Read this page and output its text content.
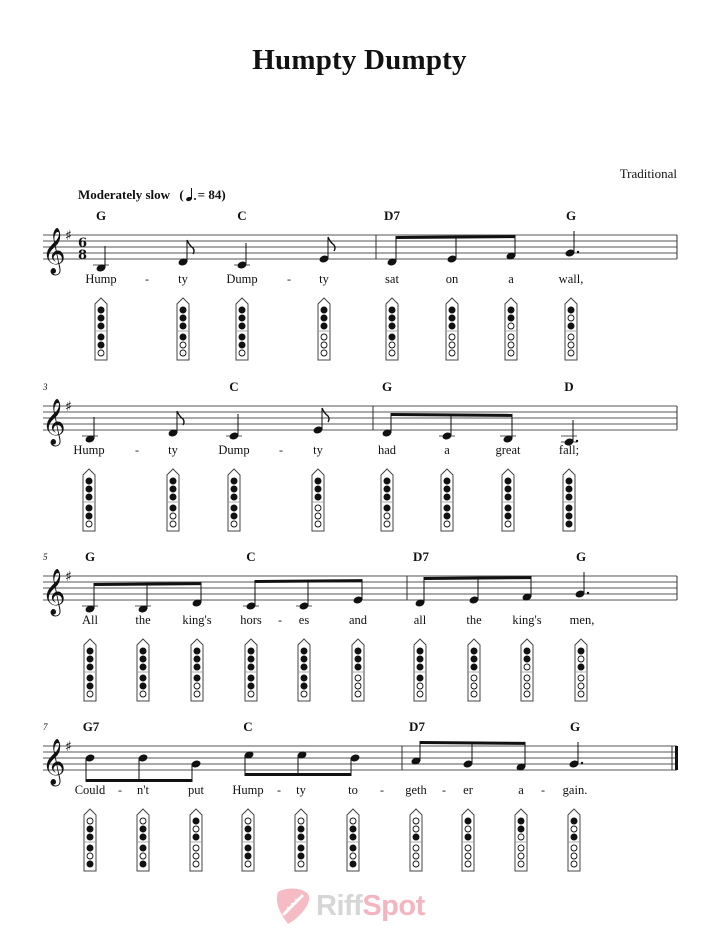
Humpty Dumpty
Traditional
Moderately slow ( = 84)
G	C	D7	G
𝄞 ♯ 6
8
Hump - ty	Dump - ty	sat	on	a	wall,
3	C	G	D
𝄞 ♯
Hump	- ty	Dump - ty	had	a	great	fall;
5	G	C	D7	G
𝄞 ♯
All	the	king's hors - es	and	all	the king's men,
7	G7	C	D7	G
𝄞 ♯
Could - n't	put Hump - ty	to - geth - er	a - gain.
RiffSpot
